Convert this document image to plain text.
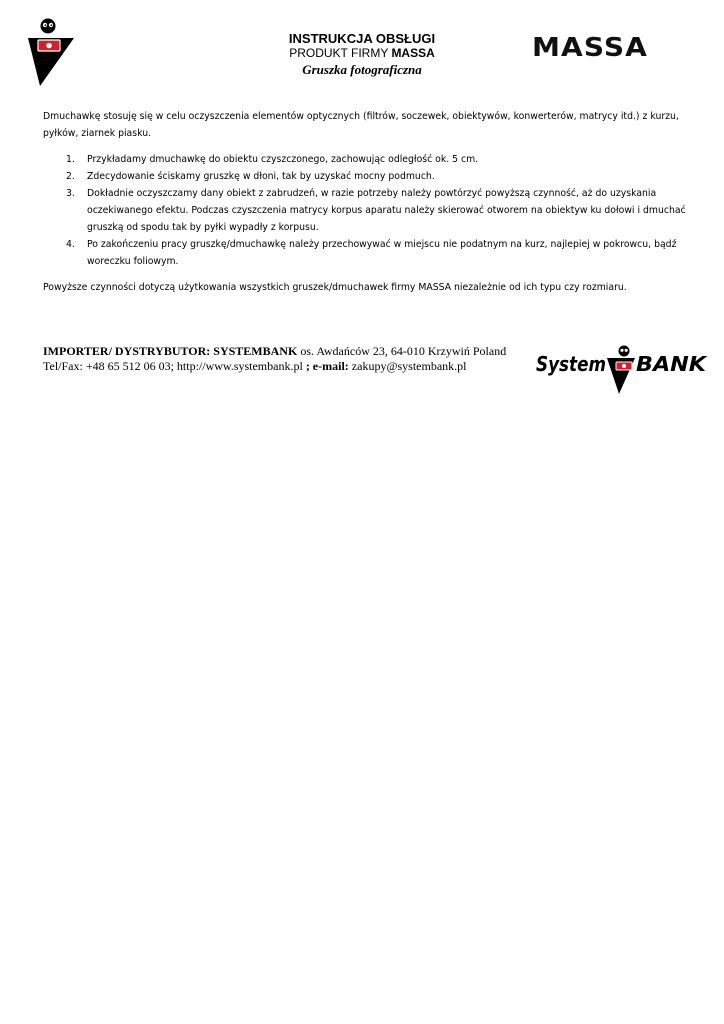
INSTRUKCJA OBSŁUGI
PRODUKT FIRMY MASSA
Gruszka fotograficzna
MASSA

Dmuchawkę stosuję się w celu oczyszczenia elementów optycznych (filtrów, soczewek, obiektywów, konwerterów, matrycy itd.) z kurzu, pyłków, ziarnek piasku.

1. Przykładamy dmuchawkę do obiektu czyszczonego, zachowując odległość ok. 5 cm.
2. Zdecydowanie ściskamy gruszkę w dłoni, tak by uzyskać mocny podmuch.
3. Dokładnie oczyszczamy dany obiekt z zabrudzeń, w razie potrzeby należy powtórzyć powyższą czynność, aż do uzyskania oczekiwanego efektu. Podczas czyszczenia matrycy korpus aparatu należy skierować otworem na obiektyw ku dołowi i dmuchać gruszką od spodu tak by pyłki wypadły z korpusu.
4. Po zakończeniu pracy gruszkę/dmuchawkę należy przechowywać w miejscu nie podatnym na kurz, najlepiej w pokrowcu, bądź woreczku foliowym.

Powyższe czynności dotyczą użytkowania wszystkich gruszek/dmuchawek firmy MASSA niezależnie od ich typu czy rozmiaru.

IMPORTER/ DYSTRYBUTOR: SYSTEMBANK os. Awdańców 23, 64-010 Krzywiń Poland
Tel/Fax: +48 65 512 06 03; http://www.systembank.pl ; e-mail: zakupy@systembank.pl	System BANK
